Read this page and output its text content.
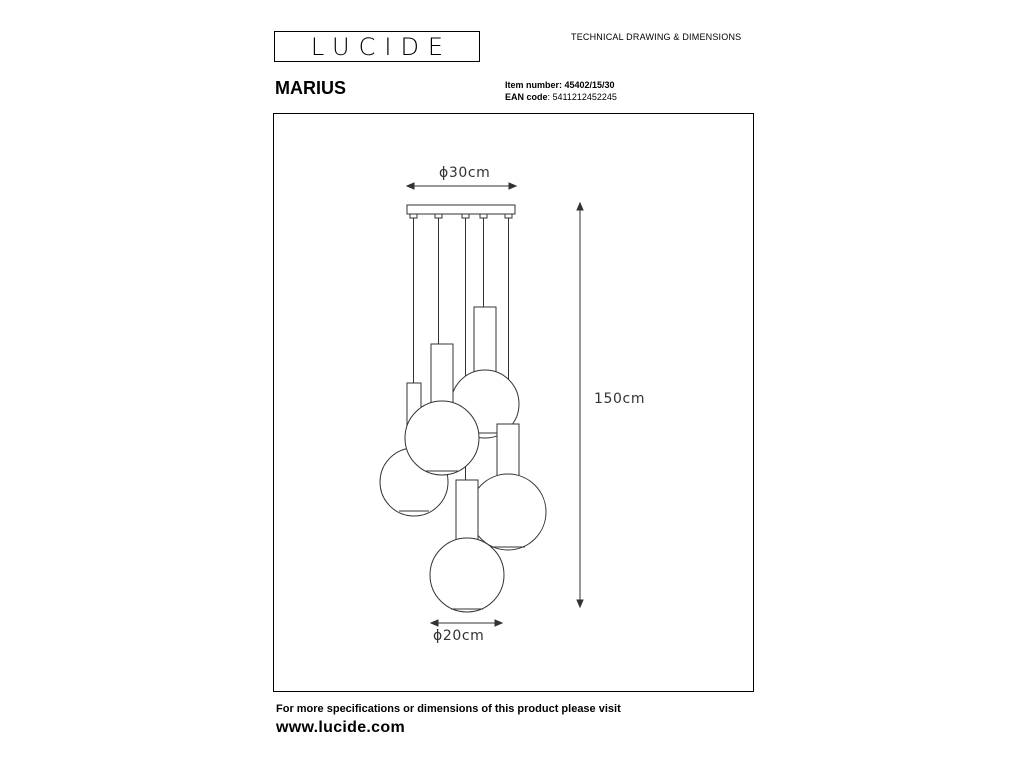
LUCIDE	TECHNICAL DRAWING & DIMENSIONS
MARIUS	Item number: 45402/15/30
EAN code: 5411212452245
ϕ30cm
150cm
ϕ20cm
For more specifications or dimensions of this product please visit
www.lucide.com
